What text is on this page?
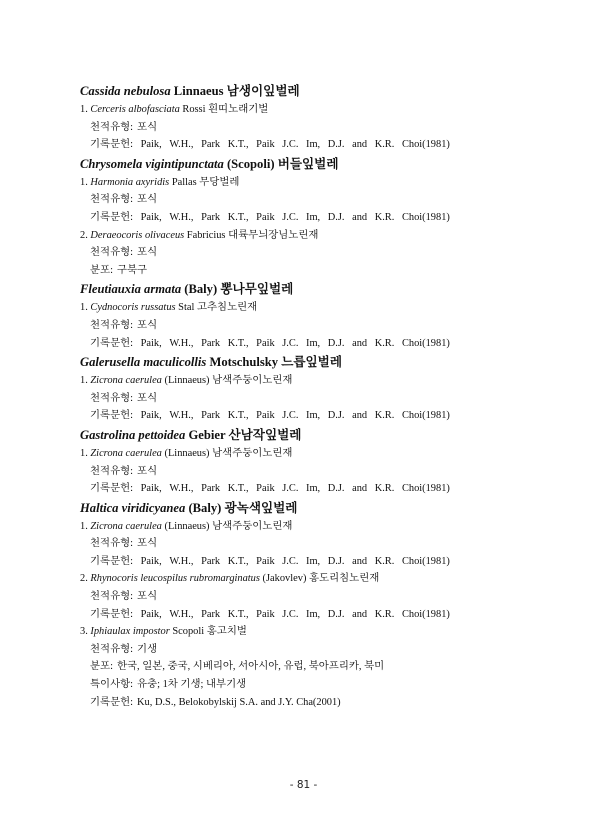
Cassida nebulosa Linnaeus 남생이잎벌레
1. Cerceris albofasciata Rossi 흰띠노래기벌
천적유형: 포식
기록문헌: Paik, W.H., Park K.T., Paik J.C. Im, D.J. and K.R. Choi(1981)
Chrysomela vigintipunctata (Scopoli) 버들잎벌레
1. Harmonia axyridis Pallas 무당벌레
천적유형: 포식
기록문헌: Paik, W.H., Park K.T., Paik J.C. Im, D.J. and K.R. Choi(1981)
2. Deraeocoris olivaceus Fabricius 대륙무늬장님노린재
천적유형: 포식
분포: 구북구
Fleutiauxia armata (Baly) 뽕나무잎벌레
1. Cydnocoris russatus Stal 고추침노린재
천적유형: 포식
기록문헌: Paik, W.H., Park K.T., Paik J.C. Im, D.J. and K.R. Choi(1981)
Galerusella maculicollis Motschulsky 느릅잎벌레
1. Zicrona caerulea (Linnaeus) 남색주둥이노린재
천적유형: 포식
기록문헌: Paik, W.H., Park K.T., Paik J.C. Im, D.J. and K.R. Choi(1981)
Gastrolina pettoidea Gebier 산남작잎벌레
1. Zicrona caerulea (Linnaeus) 남색주둥이노린재
천적유형: 포식
기록문헌: Paik, W.H., Park K.T., Paik J.C. Im, D.J. and K.R. Choi(1981)
Haltica viridicyanea (Baly) 광녹색잎벌레
1. Zicrona caerulea (Linnaeus) 남색주둥이노린재
천적유형: 포식
기록문헌: Paik, W.H., Park K.T., Paik J.C. Im, D.J. and K.R. Choi(1981)
2. Rhynocoris leucospilus rubromarginatus (Jakovlev) 홍도리침노린재
천적유형: 포식
기록문헌: Paik, W.H., Park K.T., Paik J.C. Im, D.J. and K.R. Choi(1981)
3. Iphiaulax impostor Scopoli 홍고치벌
천적유형: 기생
분포: 한국, 일본, 중국, 시베리아, 서아시아, 유럽, 북아프리카, 북미
특이사항: 유충; 1차 기생; 내부기생
기록문헌: Ku, D.S., Belokobylskij S.A. and J.Y. Cha(2001)
- 81 -
